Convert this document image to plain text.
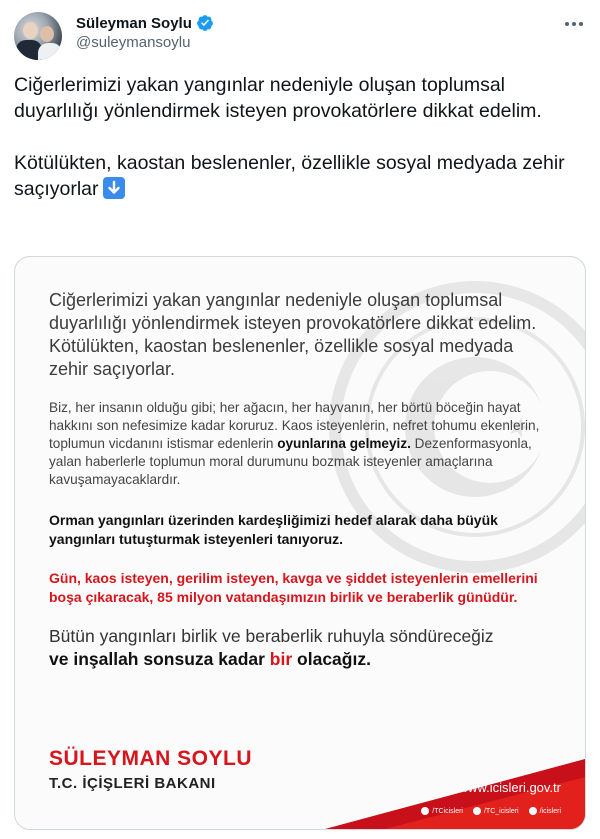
Süleyman Soylu
@suleymansoylu

Ciğerlerimizi yakan yangınlar nedeniyle oluşan toplumsal duyarlılığı yönlendirmek isteyen provokatörlere dikkat edelim.

Kötülükten, kaostan beslenenler, özellikle sosyal medyada zehir saçıyorlar

Ciğerlerimizi yakan yangınlar nedeniyle oluşan toplumsal duyarlılığı yönlendirmek isteyen provokatörlere dikkat edelim. Kötülükten, kaostan beslenenler, özellikle sosyal medyada zehir saçıyorlar.

Biz, her insanın olduğu gibi; her ağacın, her hayvanın, her börtü böceğin hayat hakkını son nefesimize kadar koruruz. Kaos isteyenlerin, nefret tohumu ekenlerin, toplumun vicdanını istismar edenlerin oyunlarına gelmeyiz. Dezenformasyonla, yalan haberlerle toplumun moral durumunu bozmak isteyenler amaçlarına kavuşamayacaklardır.

Orman yangınları üzerinden kardeşliğimizi hedef alarak daha büyük yangınları tutuşturmak isteyenleri tanıyoruz.

Gün, kaos isteyen, gerilim isteyen, kavga ve şiddet isteyenlerin emellerini boşa çıkaracak, 85 milyon vatandaşımızın birlik ve beraberlik günüdür.

Bütün yangınları birlik ve beraberlik ruhuyla söndüreceğiz
ve inşallah sonsuza kadar bir olacağız.

SÜLEYMAN SOYLU
T.C. İÇİŞLERİ BAKANI	www.icisleri.gov.tr
/TCicisleri	/TC_icisleri	/icisleri
